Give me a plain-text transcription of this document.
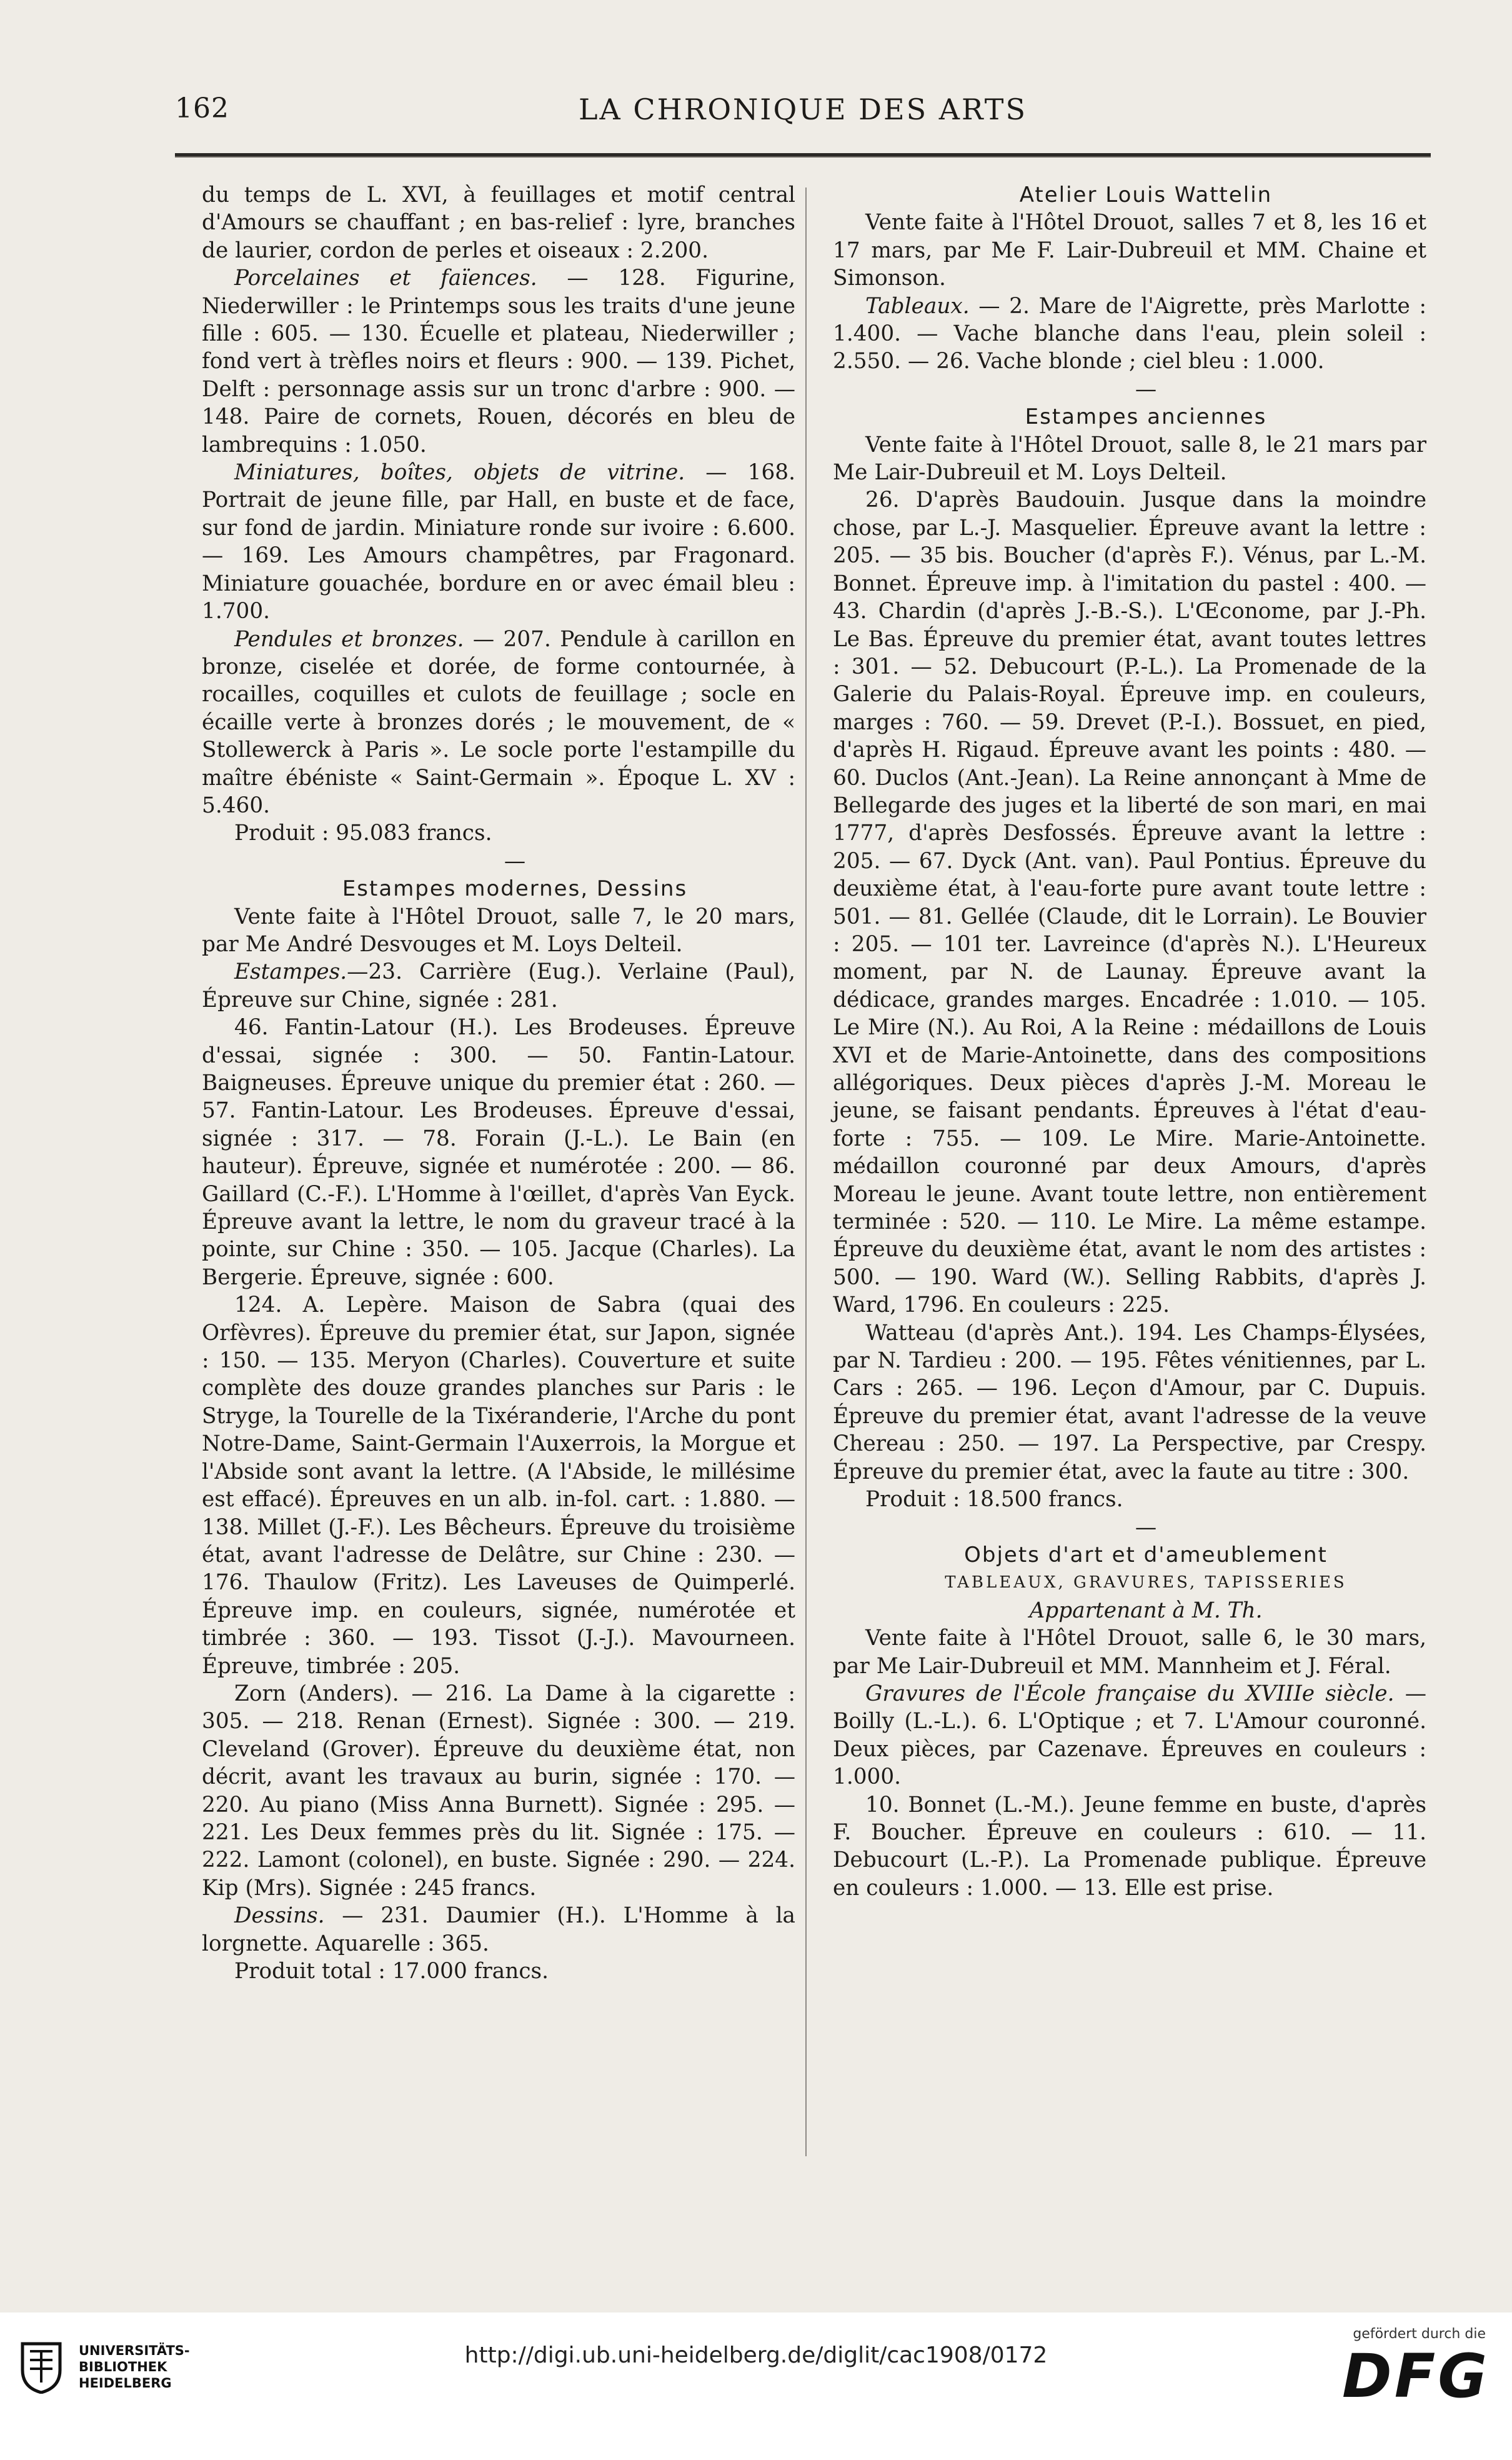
162	LA CHRONIQUE DES ARTS

du temps de L. XVI, à feuillages et motif central d'Amours se chauffant ; en bas-relief : lyre, branches de laurier, cordon de perles et oiseaux : 2.200.

Porcelaines et faïences. — 128. Figurine, Niederwiller : le Printemps sous les traits d'une jeune fille : 605. — 130. Écuelle et plateau, Niederwiller ; fond vert à trèfles noirs et fleurs : 900. — 139. Pichet, Delft : personnage assis sur un tronc d'arbre : 900. — 148. Paire de cornets, Rouen, décorés en bleu de lambrequins : 1.050.

Miniatures, boîtes, objets de vitrine. — 168. Portrait de jeune fille, par Hall, en buste et de face, sur fond de jardin. Miniature ronde sur ivoire : 6.600. — 169. Les Amours champêtres, par Fragonard. Miniature gouachée, bordure en or avec émail bleu : 1.700.

Pendules et bronzes. — 207. Pendule à carillon en bronze, ciselée et dorée, de forme contournée, à rocailles, coquilles et culots de feuillage ; socle en écaille verte à bronzes dorés ; le mouvement, de « Stollewerck à Paris ». Le socle porte l'estampille du maître ébéniste « Saint-Germain ». Époque L. XV : 5.460.

Produit : 95.083 francs.

—

Estampes modernes, Dessins

Vente faite à l'Hôtel Drouot, salle 7, le 20 mars, par Me André Desvouges et M. Loys Delteil.

Estampes.—23. Carrière (Eug.). Verlaine (Paul), Épreuve sur Chine, signée : 281.

46. Fantin-Latour (H.). Les Brodeuses. Épreuve d'essai, signée : 300. — 50. Fantin-Latour. Baigneuses. Épreuve unique du premier état : 260. — 57. Fantin-Latour. Les Brodeuses. Épreuve d'essai, signée : 317. — 78. Forain (J.-L.). Le Bain (en hauteur). Épreuve, signée et numérotée : 200. — 86. Gaillard (C.-F.). L'Homme à l'œillet, d'après Van Eyck. Épreuve avant la lettre, le nom du graveur tracé à la pointe, sur Chine : 350. — 105. Jacque (Charles). La Bergerie. Épreuve, signée : 600.

124. A. Lepère. Maison de Sabra (quai des Orfèvres). Épreuve du premier état, sur Japon, signée : 150. — 135. Meryon (Charles). Couverture et suite complète des douze grandes planches sur Paris : le Stryge, la Tourelle de la Tixéranderie, l'Arche du pont Notre-Dame, Saint-Germain l'Auxerrois, la Morgue et l'Abside sont avant la lettre. (A l'Abside, le millésime est effacé). Épreuves en un alb. in-fol. cart. : 1.880. — 138. Millet (J.-F.). Les Bêcheurs. Épreuve du troisième état, avant l'adresse de Delâtre, sur Chine : 230. —176. Thaulow (Fritz). Les Laveuses de Quimperlé. Épreuve imp. en couleurs, signée, numérotée et timbrée : 360. — 193. Tissot (J.-J.). Mavourneen. Épreuve, timbrée : 205.

Zorn (Anders). — 216. La Dame à la cigarette : 305. — 218. Renan (Ernest). Signée : 300. — 219. Cleveland (Grover). Épreuve du deuxième état, non décrit, avant les travaux au burin, signée : 170. — 220. Au piano (Miss Anna Burnett). Signée : 295. — 221. Les Deux femmes près du lit. Signée : 175. — 222. Lamont (colonel), en buste. Signée : 290. — 224. Kip (Mrs). Signée : 245 francs.

Dessins. — 231. Daumier (H.). L'Homme à la lorgnette. Aquarelle : 365.

Produit total : 17.000 francs.

Atelier Louis Wattelin

Vente faite à l'Hôtel Drouot, salles 7 et 8, les 16 et 17 mars, par Me F. Lair-Dubreuil et MM. Chaine et Simonson.

Tableaux. — 2. Mare de l'Aigrette, près Marlotte : 1.400. — Vache blanche dans l'eau, plein soleil : 2.550. — 26. Vache blonde ; ciel bleu : 1.000.

—

Estampes anciennes

Vente faite à l'Hôtel Drouot, salle 8, le 21 mars par Me Lair-Dubreuil et M. Loys Delteil.

26. D'après Baudouin. Jusque dans la moindre chose, par L.-J. Masquelier. Épreuve avant la lettre : 205. — 35 bis. Boucher (d'après F.). Vénus, par L.-M. Bonnet. Épreuve imp. à l'imitation du pastel : 400. — 43. Chardin (d'après J.-B.-S.). L'Œconome, par J.-Ph. Le Bas. Épreuve du premier état, avant toutes lettres : 301. — 52. Debucourt (P.-L.). La Promenade de la Galerie du Palais-Royal. Épreuve imp. en couleurs, marges : 760. — 59. Drevet (P.-I.). Bossuet, en pied, d'après H. Rigaud. Épreuve avant les points : 480. — 60. Duclos (Ant.-Jean). La Reine annonçant à Mme de Bellegarde des juges et la liberté de son mari, en mai 1777, d'après Desfossés. Épreuve avant la lettre : 205. — 67. Dyck (Ant. van). Paul Pontius. Épreuve du deuxième état, à l'eau-forte pure avant toute lettre : 501. — 81. Gellée (Claude, dit le Lorrain). Le Bouvier : 205. — 101 ter. Lavreince (d'après N.). L'Heureux moment, par N. de Launay. Épreuve avant la dédicace, grandes marges. Encadrée : 1.010. — 105. Le Mire (N.). Au Roi, A la Reine : médaillons de Louis XVI et de Marie-Antoinette, dans des compositions allégoriques. Deux pièces d'après J.-M. Moreau le jeune, se faisant pendants. Épreuves à l'état d'eau-forte : 755. — 109. Le Mire. Marie-Antoinette. médaillon couronné par deux Amours, d'après Moreau le jeune. Avant toute lettre, non entièrement terminée : 520. — 110. Le Mire. La même estampe. Épreuve du deuxième état, avant le nom des artistes : 500. — 190. Ward (W.). Selling Rabbits, d'après J. Ward, 1796. En couleurs : 225.

Watteau (d'après Ant.). 194. Les Champs-Élysées, par N. Tardieu : 200. — 195. Fêtes vénitiennes, par L. Cars : 265. — 196. Leçon d'Amour, par C. Dupuis. Épreuve du premier état, avant l'adresse de la veuve Chereau : 250. — 197. La Perspective, par Crespy. Épreuve du premier état, avec la faute au titre : 300.

Produit : 18.500 francs.

—

Objets d'art et d'ameublement

TABLEAUX, GRAVURES, TAPISSERIES

Appartenant à M. Th.

Vente faite à l'Hôtel Drouot, salle 6, le 30 mars, par Me Lair-Dubreuil et MM. Mannheim et J. Féral.

Gravures de l'École française du XVIIIe siècle. — Boilly (L.-L.). 6. L'Optique ; et 7. L'Amour couronné. Deux pièces, par Cazenave. Épreuves en couleurs : 1.000.

10. Bonnet (L.-M.). Jeune femme en buste, d'après F. Boucher. Épreuve en couleurs : 610. — 11. Debucourt (L.-P.). La Promenade publique. Épreuve en couleurs : 1.000. — 13. Elle est prise.

UNIVERSITÄTS-
BIBLIOTHEK
HEIDELBERG
http://digi.ub.uni-heidelberg.de/diglit/cac1908/0172
gefördert durch die
DFG
